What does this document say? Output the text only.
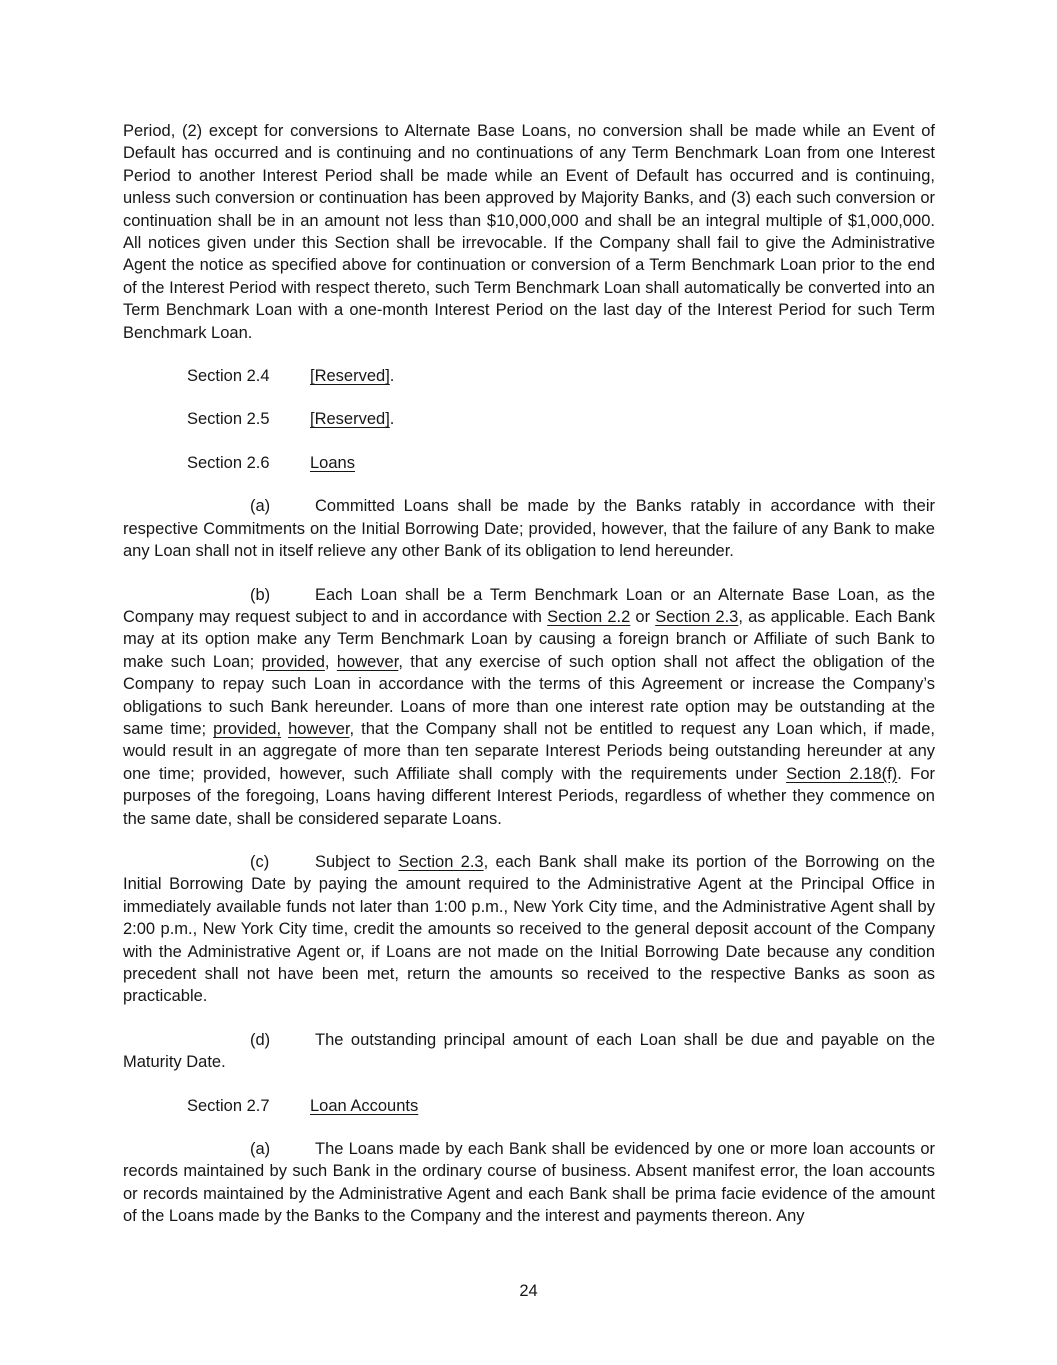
Period, (2) except for conversions to Alternate Base Loans, no conversion shall be made while an Event of Default has occurred and is continuing and no continuations of any Term Benchmark Loan from one Interest Period to another Interest Period shall be made while an Event of Default has occurred and is continuing, unless such conversion or continuation has been approved by Majority Banks, and (3) each such conversion or continuation shall be in an amount not less than $10,000,000 and shall be an integral multiple of $1,000,000. All notices given under this Section shall be irrevocable. If the Company shall fail to give the Administrative Agent the notice as specified above for continuation or conversion of a Term Benchmark Loan prior to the end of the Interest Period with respect thereto, such Term Benchmark Loan shall automatically be converted into an Term Benchmark Loan with a one-month Interest Period on the last day of the Interest Period for such Term Benchmark Loan.

Section 2.4 [Reserved].
Section 2.5 [Reserved].
Section 2.6 Loans

(a)	Committed Loans shall be made by the Banks ratably in accordance with their respective Commitments on the Initial Borrowing Date; provided, however, that the failure of any Bank to make any Loan shall not in itself relieve any other Bank of its obligation to lend hereunder.

(b)	Each Loan shall be a Term Benchmark Loan or an Alternate Base Loan, as the Company may request subject to and in accordance with Section 2.2 or Section 2.3, as applicable. Each Bank may at its option make any Term Benchmark Loan by causing a foreign branch or Affiliate of such Bank to make such Loan; provided, however, that any exercise of such option shall not affect the obligation of the Company to repay such Loan in accordance with the terms of this Agreement or increase the Company’s obligations to such Bank hereunder. Loans of more than one interest rate option may be outstanding at the same time; provided, however, that the Company shall not be entitled to request any Loan which, if made, would result in an aggregate of more than ten separate Interest Periods being outstanding hereunder at any one time; provided, however, such Affiliate shall comply with the requirements under Section 2.18(f). For purposes of the foregoing, Loans having different Interest Periods, regardless of whether they commence on the same date, shall be considered separate Loans.

(c)	Subject to Section 2.3, each Bank shall make its portion of the Borrowing on the Initial Borrowing Date by paying the amount required to the Administrative Agent at the Principal Office in immediately available funds not later than 1:00 p.m., New York City time, and the Administrative Agent shall by 2:00 p.m., New York City time, credit the amounts so received to the general deposit account of the Company with the Administrative Agent or, if Loans are not made on the Initial Borrowing Date because any condition precedent shall not have been met, return the amounts so received to the respective Banks as soon as practicable.

(d)	The outstanding principal amount of each Loan shall be due and payable on the Maturity Date.

Section 2.7 Loan Accounts

(a)	The Loans made by each Bank shall be evidenced by one or more loan accounts or records maintained by such Bank in the ordinary course of business. Absent manifest error, the loan accounts or records maintained by the Administrative Agent and each Bank shall be prima facie evidence of the amount of the Loans made by the Banks to the Company and the interest and payments thereon. Any

24
